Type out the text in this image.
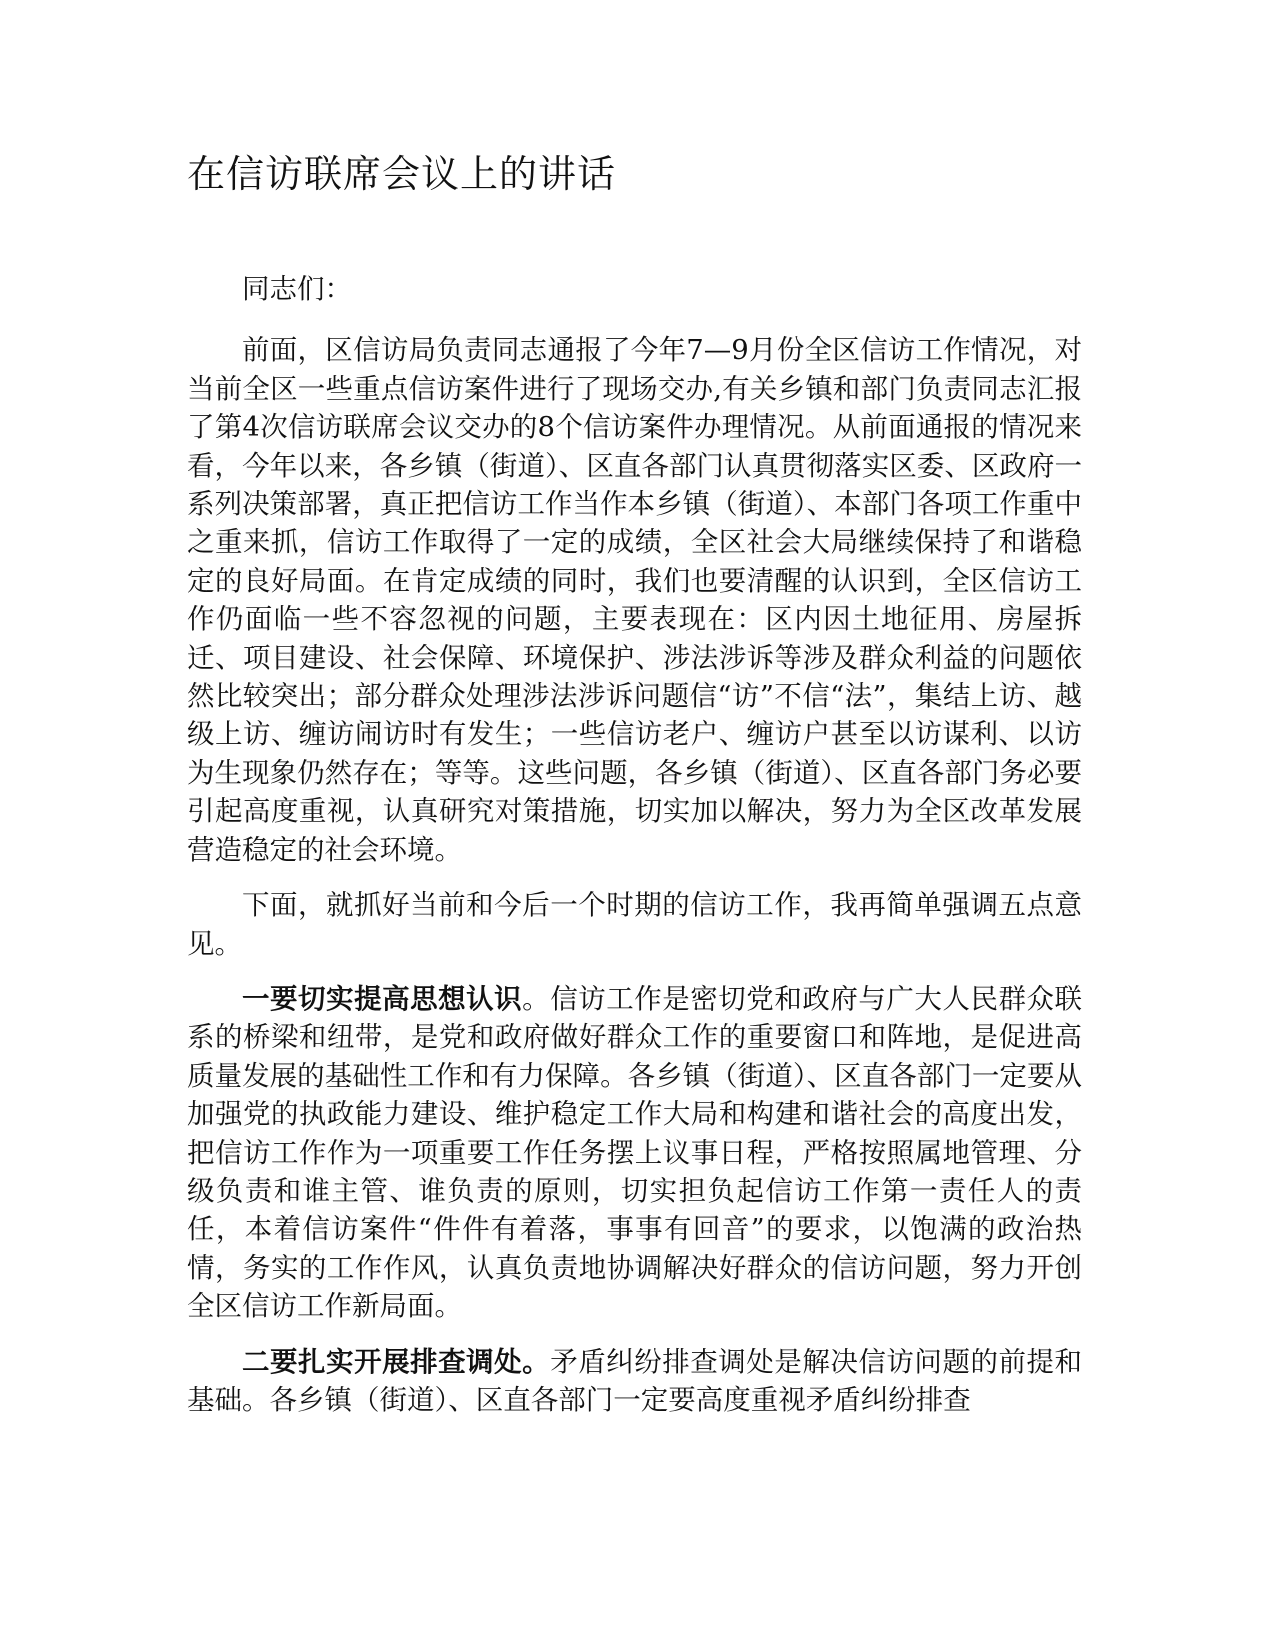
在信访联席会议上的讲话

同志们：

前面，区信访局负责同志通报了今年7—9月份全区信访工作情况，对当前全区一些重点信访案件进行了现场交办,有关乡镇和部门负责同志汇报了第4次信访联席会议交办的8个信访案件办理情况。从前面通报的情况来看，今年以来，各乡镇（街道）、区直各部门认真贯彻落实区委、区政府一系列决策部署，真正把信访工作当作本乡镇（街道）、本部门各项工作重中之重来抓，信访工作取得了一定的成绩，全区社会大局继续保持了和谐稳定的良好局面。在肯定成绩的同时，我们也要清醒的认识到，全区信访工作仍面临一些不容忽视的问题，主要表现在：区内因土地征用、房屋拆迁、项目建设、社会保障、环境保护、涉法涉诉等涉及群众利益的问题依然比较突出；部分群众处理涉法涉诉问题信“访”不信“法”，集结上访、越级上访、缠访闹访时有发生；一些信访老户、缠访户甚至以访谋利、以访为生现象仍然存在；等等。这些问题，各乡镇（街道）、区直各部门务必要引起高度重视，认真研究对策措施，切实加以解决，努力为全区改革发展营造稳定的社会环境。

下面，就抓好当前和今后一个时期的信访工作，我再简单强调五点意见。

一要切实提高思想认识。信访工作是密切党和政府与广大人民群众联系的桥梁和纽带，是党和政府做好群众工作的重要窗口和阵地，是促进高质量发展的基础性工作和有力保障。各乡镇（街道）、区直各部门一定要从加强党的执政能力建设、维护稳定工作大局和构建和谐社会的高度出发，把信访工作作为一项重要工作任务摆上议事日程，严格按照属地管理、分级负责和谁主管、谁负责的原则，切实担负起信访工作第一责任人的责任，本着信访案件“件件有着落，事事有回音”的要求，以饱满的政治热情，务实的工作作风，认真负责地协调解决好群众的信访问题，努力开创全区信访工作新局面。

二要扎实开展排查调处。矛盾纠纷排查调处是解决信访问题的前提和基础。各乡镇（街道）、区直各部门一定要高度重视矛盾纠纷排查
